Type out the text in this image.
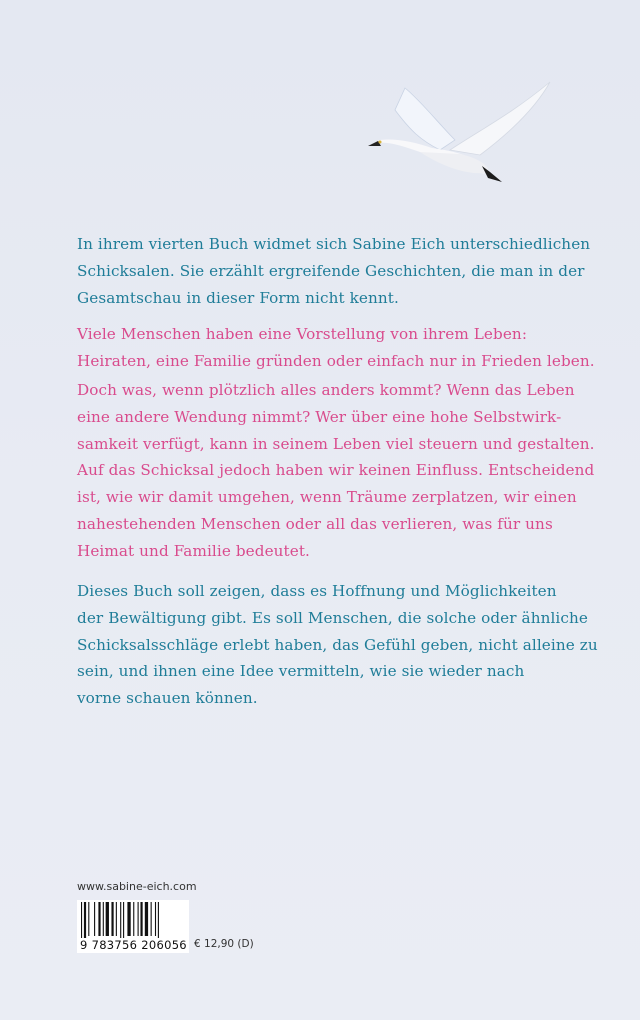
In ihrem vierten Buch widmet sich Sabine Eich unterschiedlichen
Schicksalen. Sie erzählt ergreifende Geschichten, die man in der
Gesamtschau in dieser Form nicht kennt.
Viele Menschen haben eine Vorstellung von ihrem Leben:
Heiraten, eine Familie gründen oder einfach nur in Frieden leben.
Doch was, wenn plötzlich alles anders kommt? Wenn das Leben
eine andere Wendung nimmt? Wer über eine hohe Selbstwirk-
samkeit verfügt, kann in seinem Leben viel steuern und gestalten.
Auf das Schicksal jedoch haben wir keinen Einfluss. Entscheidend
ist, wie wir damit umgehen, wenn Träume zerplatzen, wir einen
nahestehenden Menschen oder all das verlieren, was für uns
Heimat und Familie bedeutet.
Dieses Buch soll zeigen, dass es Hoffnung und Möglichkeiten
der Bewältigung gibt. Es soll Menschen, die solche oder ähnliche
Schicksalsschläge erlebt haben, das Gefühl geben, nicht alleine zu
sein, und ihnen eine Idee vermitteln, wie sie wieder nach
vorne schauen können.
www.sabine-eich.com
9 783756 206056 € 12,90 (D)
